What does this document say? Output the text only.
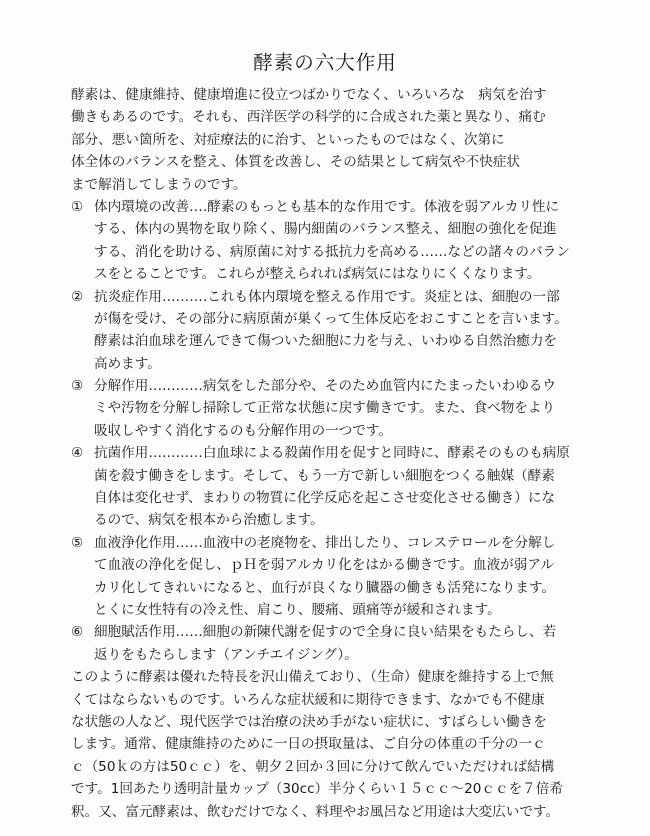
酵素の六大作用
酵素は、健康維持、健康増進に役立つばかりでなく、いろいろな　病気を治す
働きもあるのです。それも、西洋医学の科学的に合成された薬と異なり、痛む
部分、悪い箇所を、対症療法的に治す、といったものではなく、次第に
体全体のバランスを整え、体質を改善し、その結果として病気や不快症状
まで解消してしまうのです。
① 体内環境の改善‥‥酵素のもっとも基本的な作用です。体液を弱アルカリ性に
する、体内の異物を取り除く、腸内細菌のバランス整え、細胞の強化を促進
する、消化を助ける、病原菌に対する抵抗力を高める‥‥‥などの諸々のバラン
スをとることです。これらが整えられれば病気にはなりにくくなります。
② 抗炎症作用‥‥‥‥‥これも体内環境を整える作用です。炎症とは、細胞の一部
が傷を受け、その部分に病原菌が巣くって生体反応をおこすことを言います。
酵素は泊血球を運んできて傷ついた細胞に力を与え、いわゆる自然治癒力を
高めます。
③ 分解作用‥‥‥‥‥‥病気をした部分や、そのため血管内にたまったいわゆるウ
ミや汚物を分解し掃除して正常な状態に戻す働きです。また、食べ物をより
吸収しやすく消化するのも分解作用の一つです。
④ 抗菌作用‥‥‥‥‥‥白血球による殺菌作用を促すと同時に、酵素そのものも病原
菌を殺す働きをします。そして、もう一方で新しい細胞をつくる触媒（酵素
自体は変化せず、まわりの物質に化学反応を起こさせ変化させる働き）にな
るので、病気を根本から治癒します。
⑤ 血液浄化作用‥‥‥血液中の老廃物を、排出したり、コレステロールを分解し
て血液の浄化を促し、ｐＨを弱アルカリ化をはかる働きです。血液が弱アル
カリ化してきれいになると、血行が良くなり臓器の働きも活発になります。
とくに女性特有の冷え性、肩こり、腰痛、頭痛等が緩和されます。
⑥ 細胞賦活作用‥‥‥細胞の新陳代謝を促すので全身に良い結果をもたらし、若
返りをもたらします（アンチエイジング）。
このように酵素は優れた特長を沢山備えており、（生命）健康を維持する上で無
くてはならないものです。いろんな症状緩和に期待できます、なかでも不健康
な状態の人など、現代医学では治療の決め手がない症状に、すばらしい働きを
します。通常、健康維持のために一日の摂取量は、ご自分の体重の千分の一ｃ
ｃ（50ｋの方は50ｃｃ）を、朝夕２回か３回に分けて飲んでいただければ結構
です。1回あたり透明計量カップ（30cc）半分くらい１５ｃｃ～20ｃｃを７倍希
釈。又、富元酵素は、飲むだけでなく、料理やお風呂など用途は大変広いです。
